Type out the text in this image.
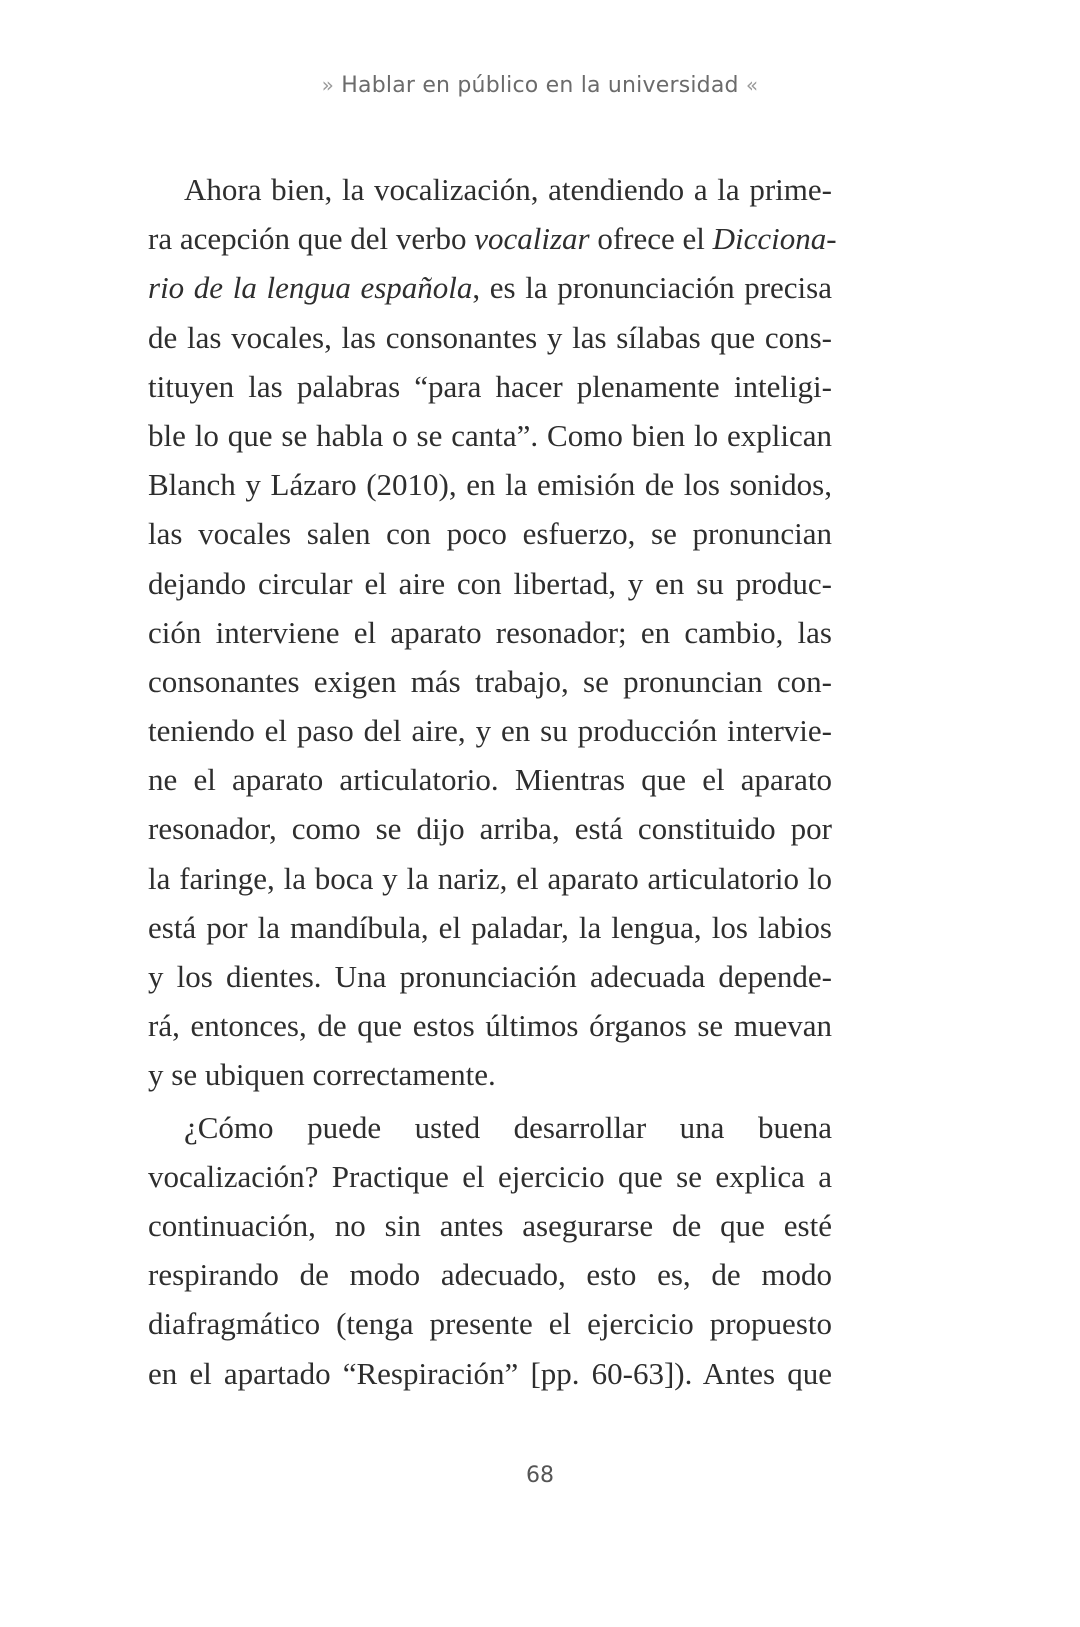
» Hablar en público en la universidad «
Ahora bien, la vocalización, atendiendo a la prime-
ra acepción que del verbo vocalizar ofrece el Dicciona-
rio de la lengua española, es la pronunciación precisa
de las vocales, las consonantes y las sílabas que cons-
tituyen las palabras “para hacer plenamente inteligi-
ble lo que se habla o se canta”. Como bien lo explican
Blanch y Lázaro (2010), en la emisión de los sonidos,
las vocales salen con poco esfuerzo, se pronuncian
dejando circular el aire con libertad, y en su produc-
ción interviene el aparato resonador; en cambio, las
consonantes exigen más trabajo, se pronuncian con-
teniendo el paso del aire, y en su producción intervie-
ne el aparato articulatorio. Mientras que el aparato
resonador, como se dijo arriba, está constituido por
la faringe, la boca y la nariz, el aparato articulatorio lo
está por la mandíbula, el paladar, la lengua, los labios
y los dientes. Una pronunciación adecuada depende-
rá, entonces, de que estos últimos órganos se muevan
y se ubiquen correctamente.
¿Cómo puede usted desarrollar una buena
vocalización? Practique el ejercicio que se explica a
continuación, no sin antes asegurarse de que esté
respirando de modo adecuado, esto es, de modo
diafragmático (tenga presente el ejercicio propuesto
en el apartado “Respiración” [pp. 60-63]). Antes que
68
